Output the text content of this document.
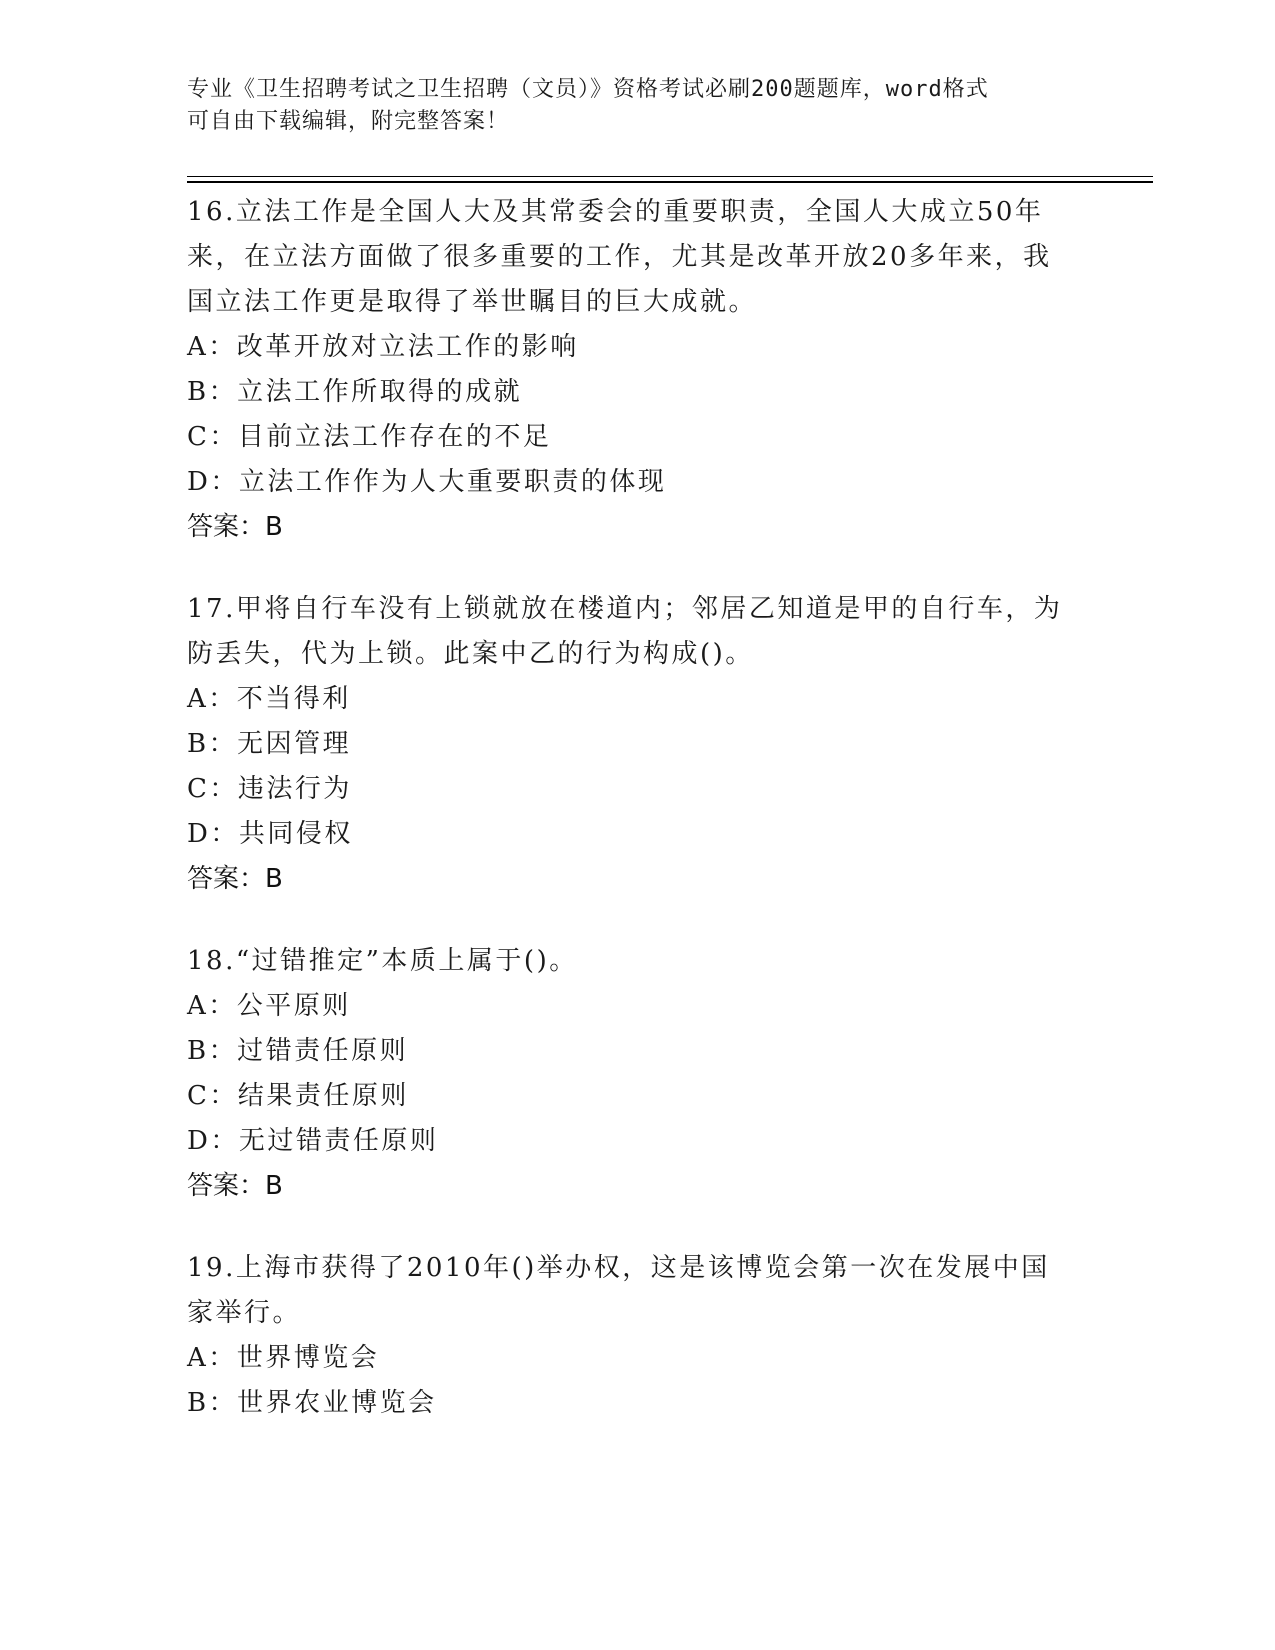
专业《卫生招聘考试之卫生招聘（文员）》资格考试必刷200题题库，word格式
可自由下载编辑，附完整答案！
16.立法工作是全国人大及其常委会的重要职责，全国人大成立50年
来，在立法方面做了很多重要的工作，尤其是改革开放20多年来，我
国立法工作更是取得了举世瞩目的巨大成就。
A：改革开放对立法工作的影响
B：立法工作所取得的成就
C：目前立法工作存在的不足
D：立法工作作为人大重要职责的体现
答案：B
17.甲将自行车没有上锁就放在楼道内；邻居乙知道是甲的自行车，为
防丢失，代为上锁。此案中乙的行为构成()。
A：不当得利
B：无因管理
C：违法行为
D：共同侵权
答案：B
18.“过错推定”本质上属于()。
A：公平原则
B：过错责任原则
C：结果责任原则
D：无过错责任原则
答案：B
19.上海市获得了2010年()举办权，这是该博览会第一次在发展中国
家举行。
A：世界博览会
B：世界农业博览会
